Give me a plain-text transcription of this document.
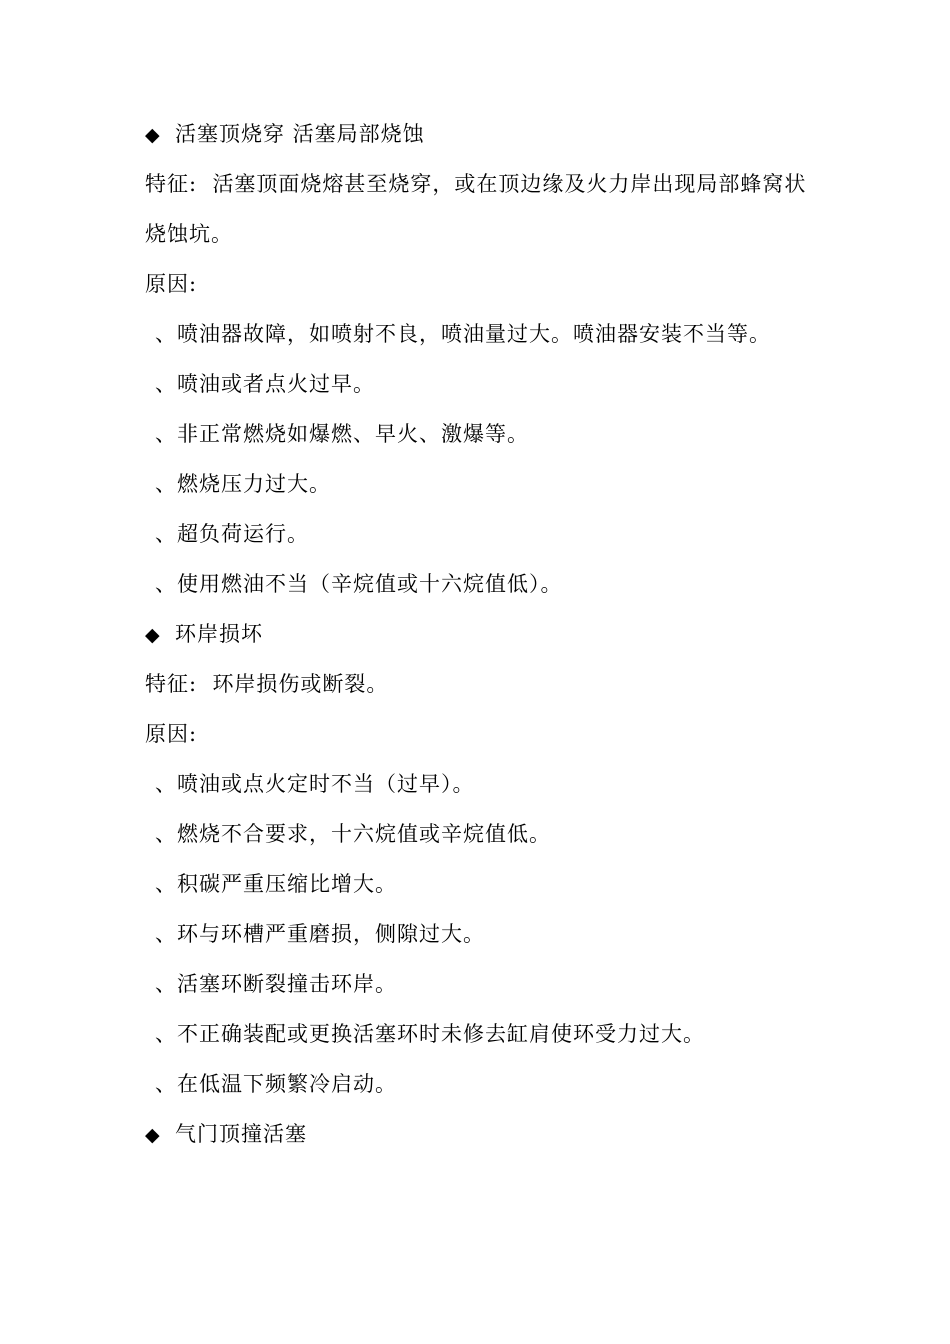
◆ 活塞顶烧穿 活塞局部烧蚀
特征: 活塞顶面烧熔甚至烧穿，或在顶边缘及火力岸出现局部蜂窝状烧蚀坑。
原因:
、喷油器故障，如喷射不良，喷油量过大。喷油器安装不当等。
、喷油或者点火过早。
、非正常燃烧如爆燃、早火、激爆等。
、燃烧压力过大。
、超负荷运行。
、使用燃油不当（辛烷值或十六烷值低）。
◆ 环岸损坏
特征: 环岸损伤或断裂。
原因:
、喷油或点火定时不当（过早）。
、燃烧不合要求，十六烷值或辛烷值低。
、积碳严重压缩比增大。
、环与环槽严重磨损，侧隙过大。
、活塞环断裂撞击环岸。
、不正确装配或更换活塞环时未修去缸肩使环受力过大。
、在低温下频繁冷启动。
◆ 气门顶撞活塞
